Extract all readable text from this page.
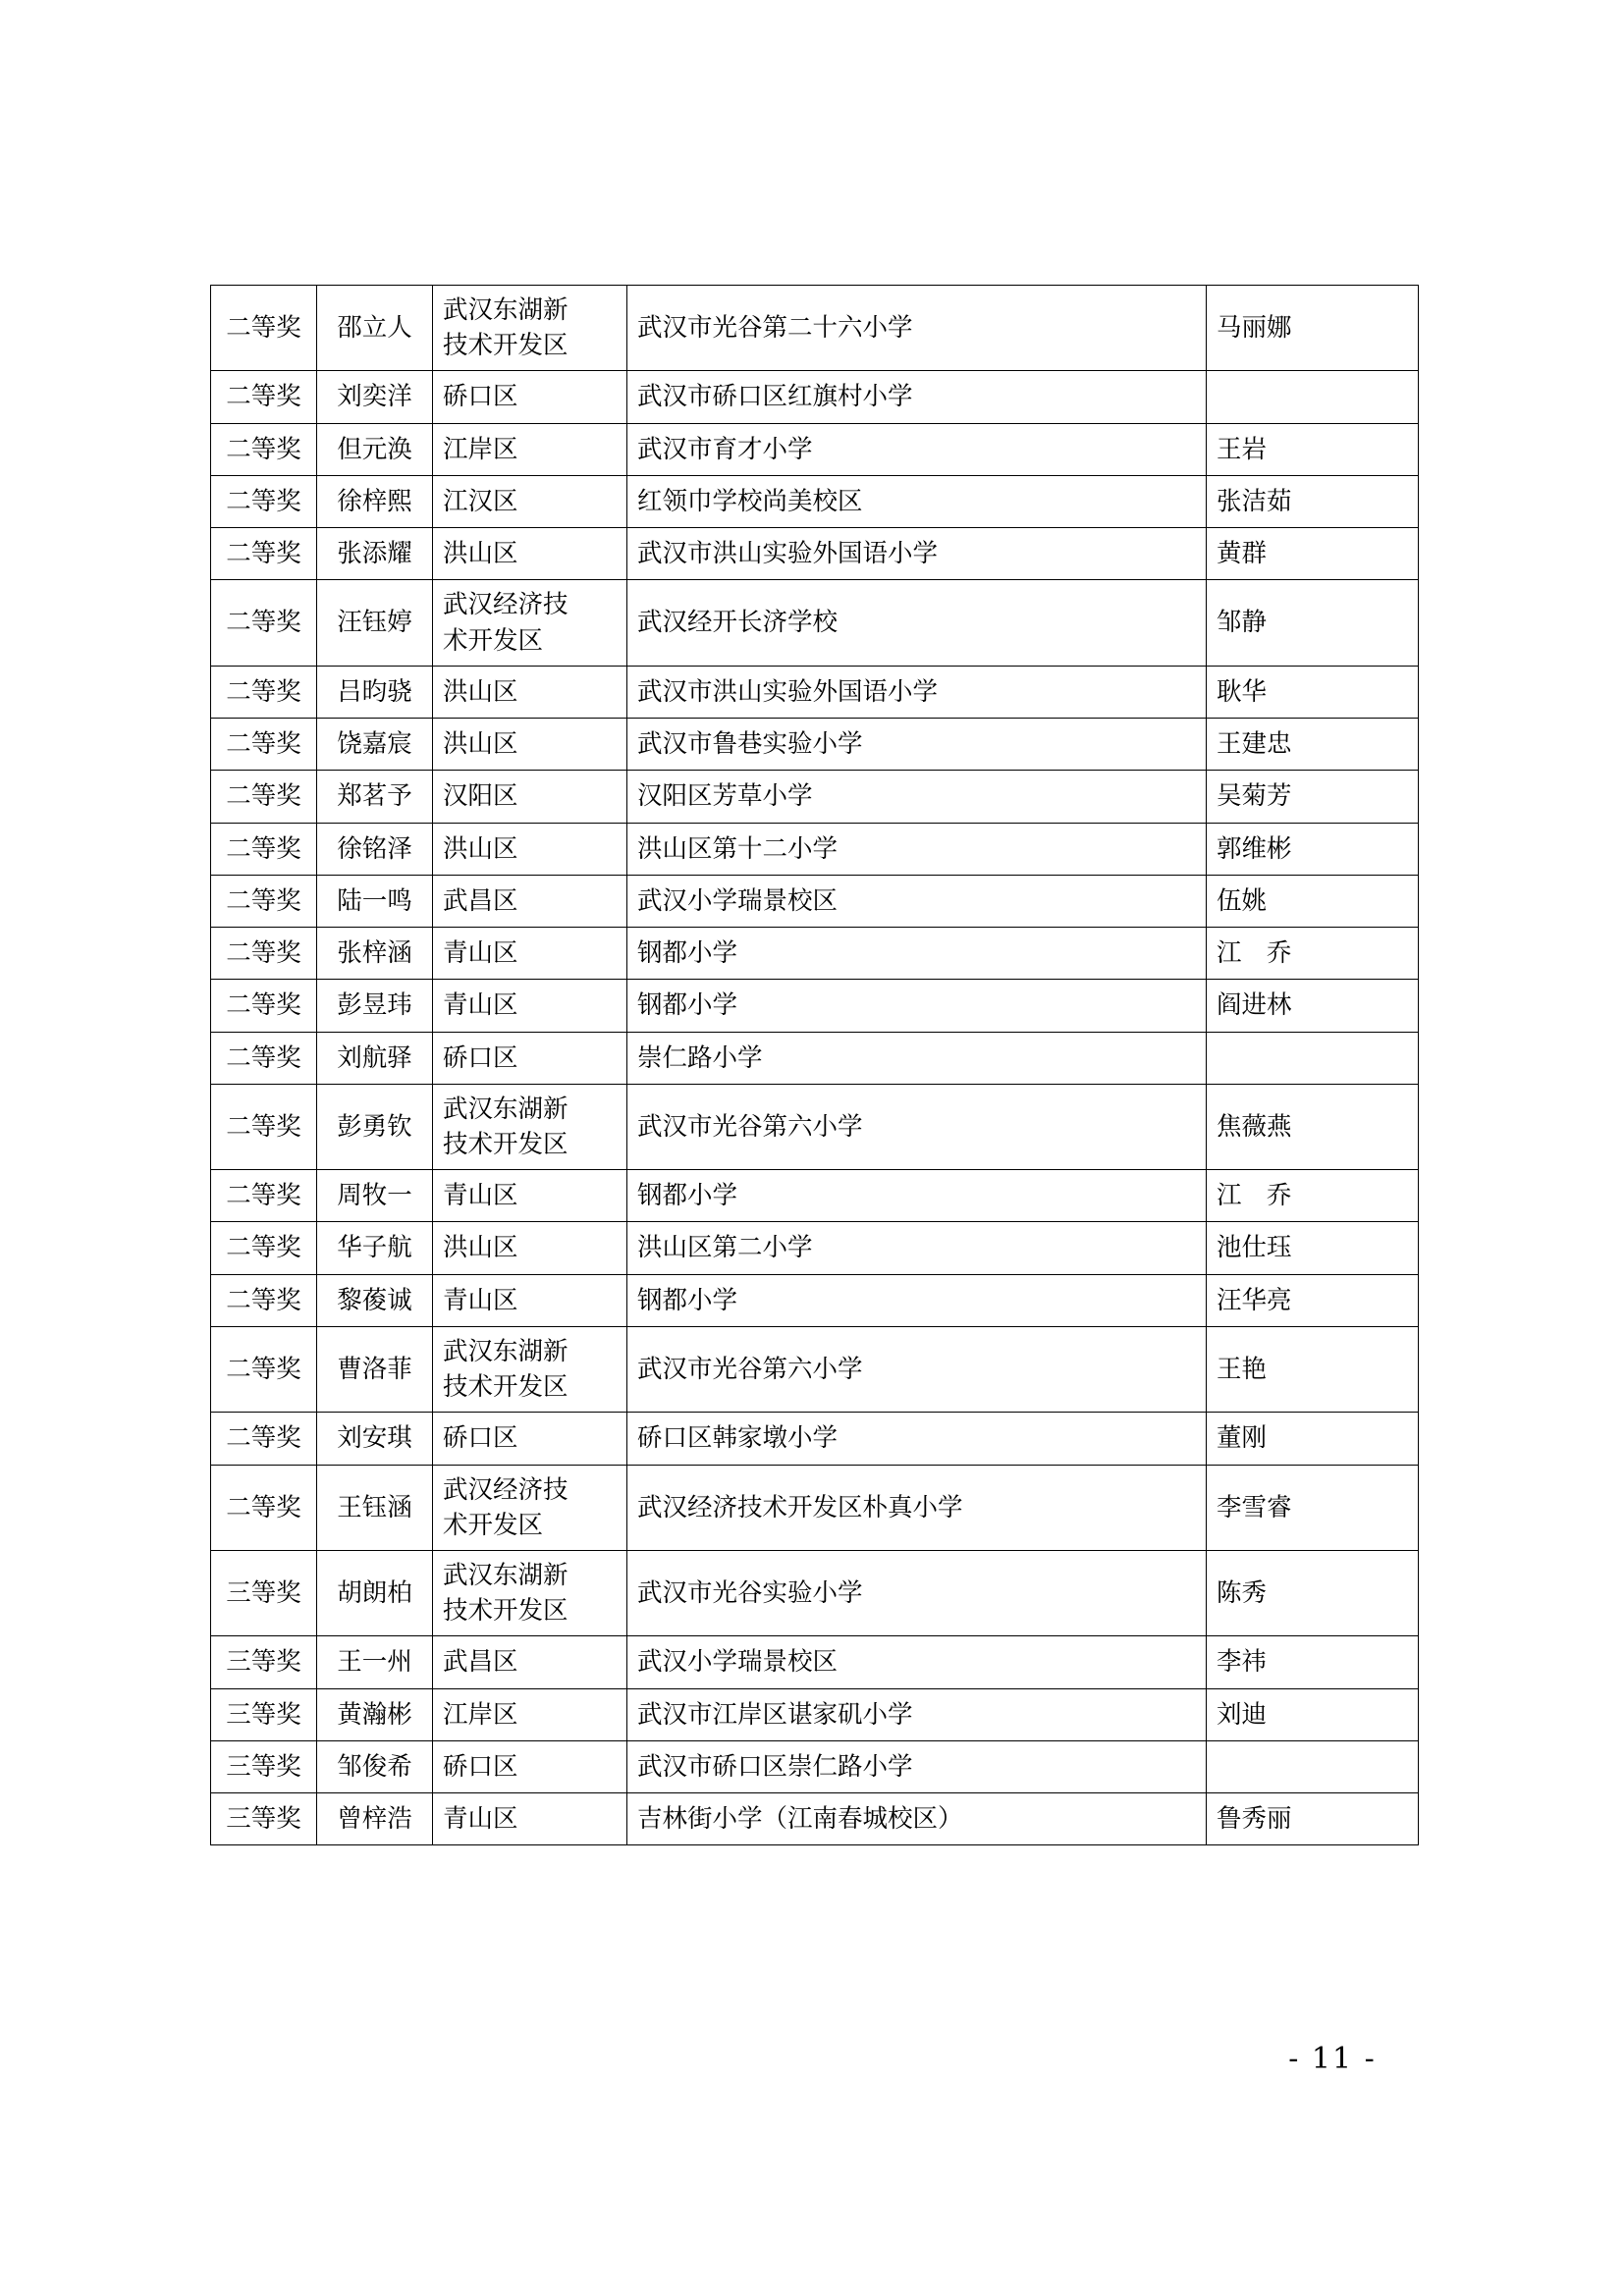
二等奖	邵立人	武汉东湖新
技术开发区	武汉市光谷第二十六小学	马丽娜
二等奖	刘奕洋	硚口区	武汉市硚口区红旗村小学	
二等奖	但元涣	江岸区	武汉市育才小学	王岩
二等奖	徐梓熙	江汉区	红领巾学校尚美校区	张洁茹
二等奖	张添耀	洪山区	武汉市洪山实验外国语小学	黄群
二等奖	汪钰婷	武汉经济技
术开发区	武汉经开长济学校	邹静
二等奖	吕昀骁	洪山区	武汉市洪山实验外国语小学	耿华
二等奖	饶嘉宸	洪山区	武汉市鲁巷实验小学	王建忠
二等奖	郑茗予	汉阳区	汉阳区芳草小学	吴菊芳
二等奖	徐铭泽	洪山区	洪山区第十二小学	郭维彬
二等奖	陆一鸣	武昌区	武汉小学瑞景校区	伍姚
二等奖	张梓涵	青山区	钢都小学	江　乔
二等奖	彭昱玮	青山区	钢都小学	阎进林
二等奖	刘航驿	硚口区	崇仁路小学	
二等奖	彭勇钦	武汉东湖新
技术开发区	武汉市光谷第六小学	焦薇燕
二等奖	周牧一	青山区	钢都小学	江　乔
二等奖	华子航	洪山区	洪山区第二小学	池仕珏
二等奖	黎葰诚	青山区	钢都小学	汪华亮
二等奖	曹洛菲	武汉东湖新
技术开发区	武汉市光谷第六小学	王艳
二等奖	刘安琪	硚口区	硚口区韩家墩小学	董刚
二等奖	王钰涵	武汉经济技
术开发区	武汉经济技术开发区朴真小学	李雪睿
三等奖	胡朗柏	武汉东湖新
技术开发区	武汉市光谷实验小学	陈秀
三等奖	王一州	武昌区	武汉小学瑞景校区	李祎
三等奖	黄瀚彬	江岸区	武汉市江岸区谌家矶小学	刘迪
三等奖	邹俊希	硚口区	武汉市硚口区崇仁路小学	
三等奖	曾梓浩	青山区	吉林街小学（江南春城校区）	鲁秀丽
- 11 -
